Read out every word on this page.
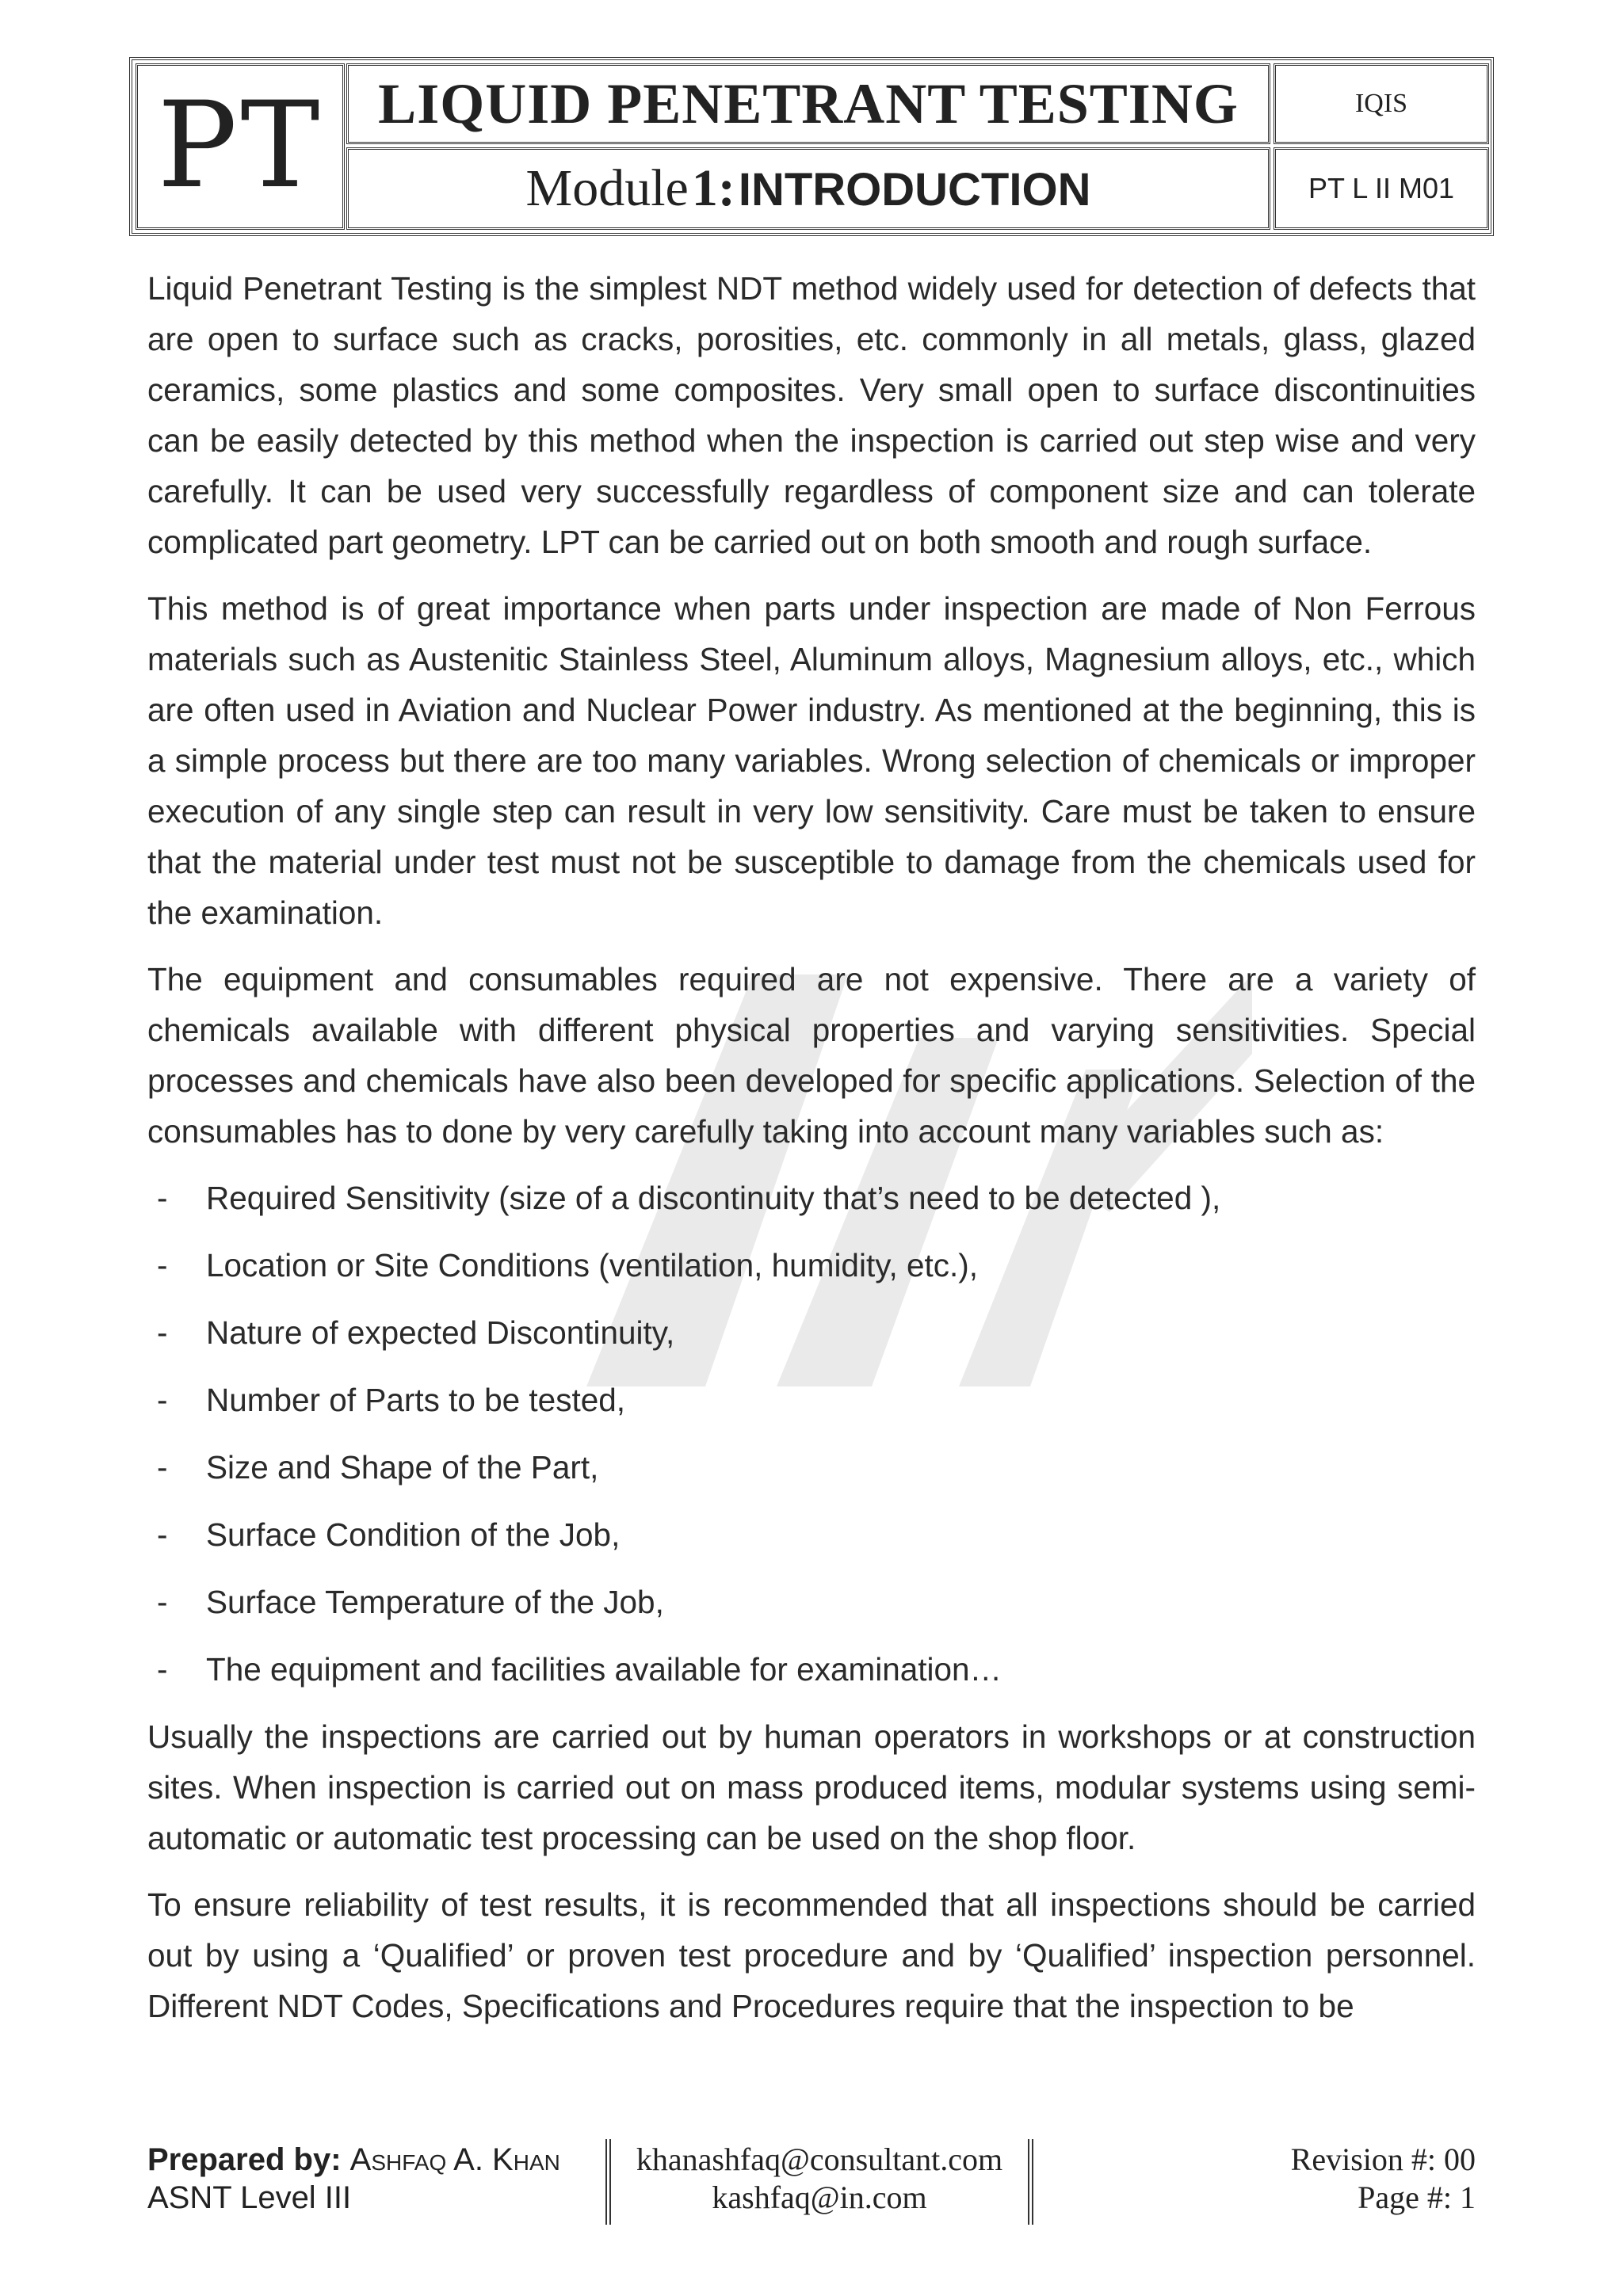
PT LIQUID PENETRANT TESTING
Module 1: INTRODUCTION
IQIS
PT L II M01

Liquid Penetrant Testing is the simplest NDT method widely used for detection of defects that are open to surface such as cracks, porosities, etc. commonly in all metals, glass, glazed ceramics, some plastics and some composites. Very small open to surface discontinuities can be easily detected by this method when the inspection is carried out step wise and very carefully. It can be used very successfully regardless of component size and can tolerate complicated part geometry. LPT can be carried out on both smooth and rough surface.

This method is of great importance when parts under inspection are made of Non Ferrous materials such as Austenitic Stainless Steel, Aluminum alloys, Magnesium alloys, etc., which are often used in Aviation and Nuclear Power industry. As mentioned at the beginning, this is a simple process but there are too many variables. Wrong selection of chemicals or improper execution of any single step can result in very low sensitivity. Care must be taken to ensure that the material under test must not be susceptible to damage from the chemicals used for the examination.

The equipment and consumables required are not expensive. There are a variety of chemicals available with different physical properties and varying sensitivities. Special processes and chemicals have also been developed for specific applications. Selection of the consumables has to done by very carefully taking into account many variables such as:

- Required Sensitivity (size of a discontinuity that’s need to be detected ),
- Location or Site Conditions (ventilation, humidity, etc.),
- Nature of expected Discontinuity,
- Number of Parts to be tested,
- Size and Shape of the Part,
- Surface Condition of the Job,
- Surface Temperature of the Job,
- The equipment and facilities available for examination…

Usually the inspections are carried out by human operators in workshops or at construction sites. When inspection is carried out on mass produced items, modular systems using semi-automatic or automatic test processing can be used on the shop floor.

To ensure reliability of test results, it is recommended that all inspections should be carried out by using a ‘Qualified’ or proven test procedure and by ‘Qualified’ inspection personnel. Different NDT Codes, Specifications and Procedures require that the inspection to be

Prepared by: Ashfaq A. Khan
ASNT Level III
khanashfaq@consultant.com
kashfaq@in.com
Revision #: 00
Page #: 1
